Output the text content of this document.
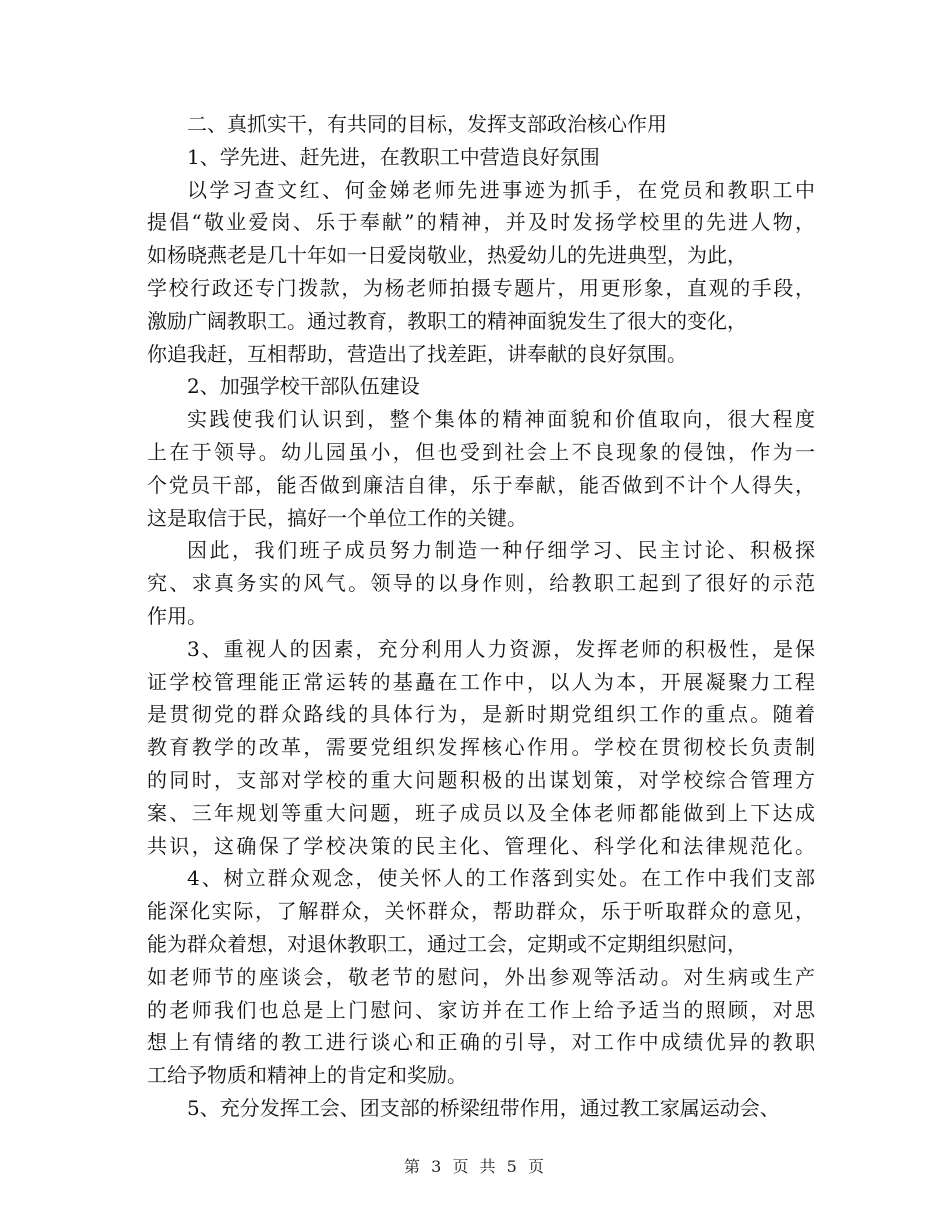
二、真抓实干，有共同的目标，发挥支部政治核心作用
1、学先进、赶先进，在教职工中营造良好氛围
以学习查文红、何金娣老师先进事迹为抓手，在党员和教职工中
提倡“敬业爱岗、乐于奉献”的精神，并及时发扬学校里的先进人物，
如杨晓燕老是几十年如一日爱岗敬业，热爱幼儿的先进典型，为此，
学校行政还专门拨款，为杨老师拍摄专题片，用更形象，直观的手段，
激励广阔教职工。通过教育，教职工的精神面貌发生了很大的变化，
你追我赶，互相帮助，营造出了找差距，讲奉献的良好氛围。
2、加强学校干部队伍建设
实践使我们认识到，整个集体的精神面貌和价值取向，很大程度
上在于领导。幼儿园虽小，但也受到社会上不良现象的侵蚀，作为一
个党员干部，能否做到廉洁自律，乐于奉献，能否做到不计个人得失，
这是取信于民，搞好一个单位工作的关键。
因此，我们班子成员努力制造一种仔细学习、民主讨论、积极探
究、求真务实的风气。领导的以身作则，给教职工起到了很好的示范
作用。
3、重视人的因素，充分利用人力资源，发挥老师的积极性，是保
证学校管理能正常运转的基矗在工作中，以人为本，开展凝聚力工程
是贯彻党的群众路线的具体行为，是新时期党组织工作的重点。随着
教育教学的改革，需要党组织发挥核心作用。学校在贯彻校长负责制
的同时，支部对学校的重大问题积极的出谋划策，对学校综合管理方
案、三年规划等重大问题，班子成员以及全体老师都能做到上下达成
共识，这确保了学校决策的民主化、管理化、科学化和法律规范化。
4、树立群众观念，使关怀人的工作落到实处。在工作中我们支部
能深化实际，了解群众，关怀群众，帮助群众，乐于听取群众的意见，
能为群众着想，对退休教职工，通过工会，定期或不定期组织慰问，
如老师节的座谈会，敬老节的慰问，外出参观等活动。对生病或生产
的老师我们也总是上门慰问、家访并在工作上给予适当的照顾，对思
想上有情绪的教工进行谈心和正确的引导，对工作中成绩优异的教职
工给予物质和精神上的肯定和奖励。
5、充分发挥工会、团支部的桥梁纽带作用，通过教工家属运动会、
第 3 页 共 5 页
